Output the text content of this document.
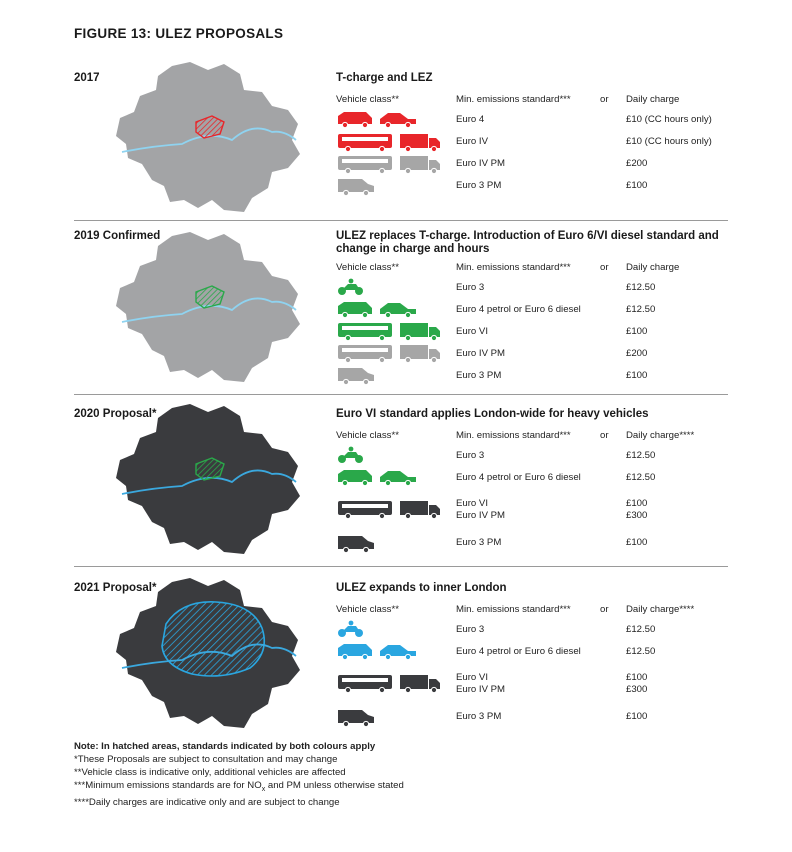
FIGURE 13: ULEZ PROPOSALS
2017	T-charge and LEZ
Vehicle class**	Min. emissions standard***	or Daily charge
Euro 4	£10 (CC hours only)
Euro IV	£10 (CC hours only)
Euro IV PM	£200
Euro 3 PM	£100
2019 Confirmed	ULEZ replaces T-charge. Introduction of Euro 6/VI diesel standard and change in charge and hours
Vehicle class**	Min. emissions standard***	or Daily charge
Euro 3	£12.50
Euro 4 petrol or Euro 6 diesel	£12.50
Euro VI	£100
Euro IV PM	£200
Euro 3 PM	£100
2020 Proposal*	Euro VI standard applies London-wide for heavy vehicles
Vehicle class**	Min. emissions standard***	or Daily charge****
Euro 3	£12.50
Euro 4 petrol or Euro 6 diesel	£12.50
Euro VI	£100
Euro IV PM	£300
Euro 3 PM	£100
2021 Proposal*	ULEZ expands to inner London
Vehicle class**	Min. emissions standard***	or Daily charge****
Euro 3	£12.50
Euro 4 petrol or Euro 6 diesel	£12.50
Euro VI	£100
Euro IV PM	£300
Euro 3 PM	£100
Note: In hatched areas, standards indicated by both colours apply
*These Proposals are subject to consultation and may change
**Vehicle class is indicative only, additional vehicles are affected
***Minimum emissions standards are for $NO_x$ and PM unless otherwise stated
****Daily charges are indicative only and are subject to change
